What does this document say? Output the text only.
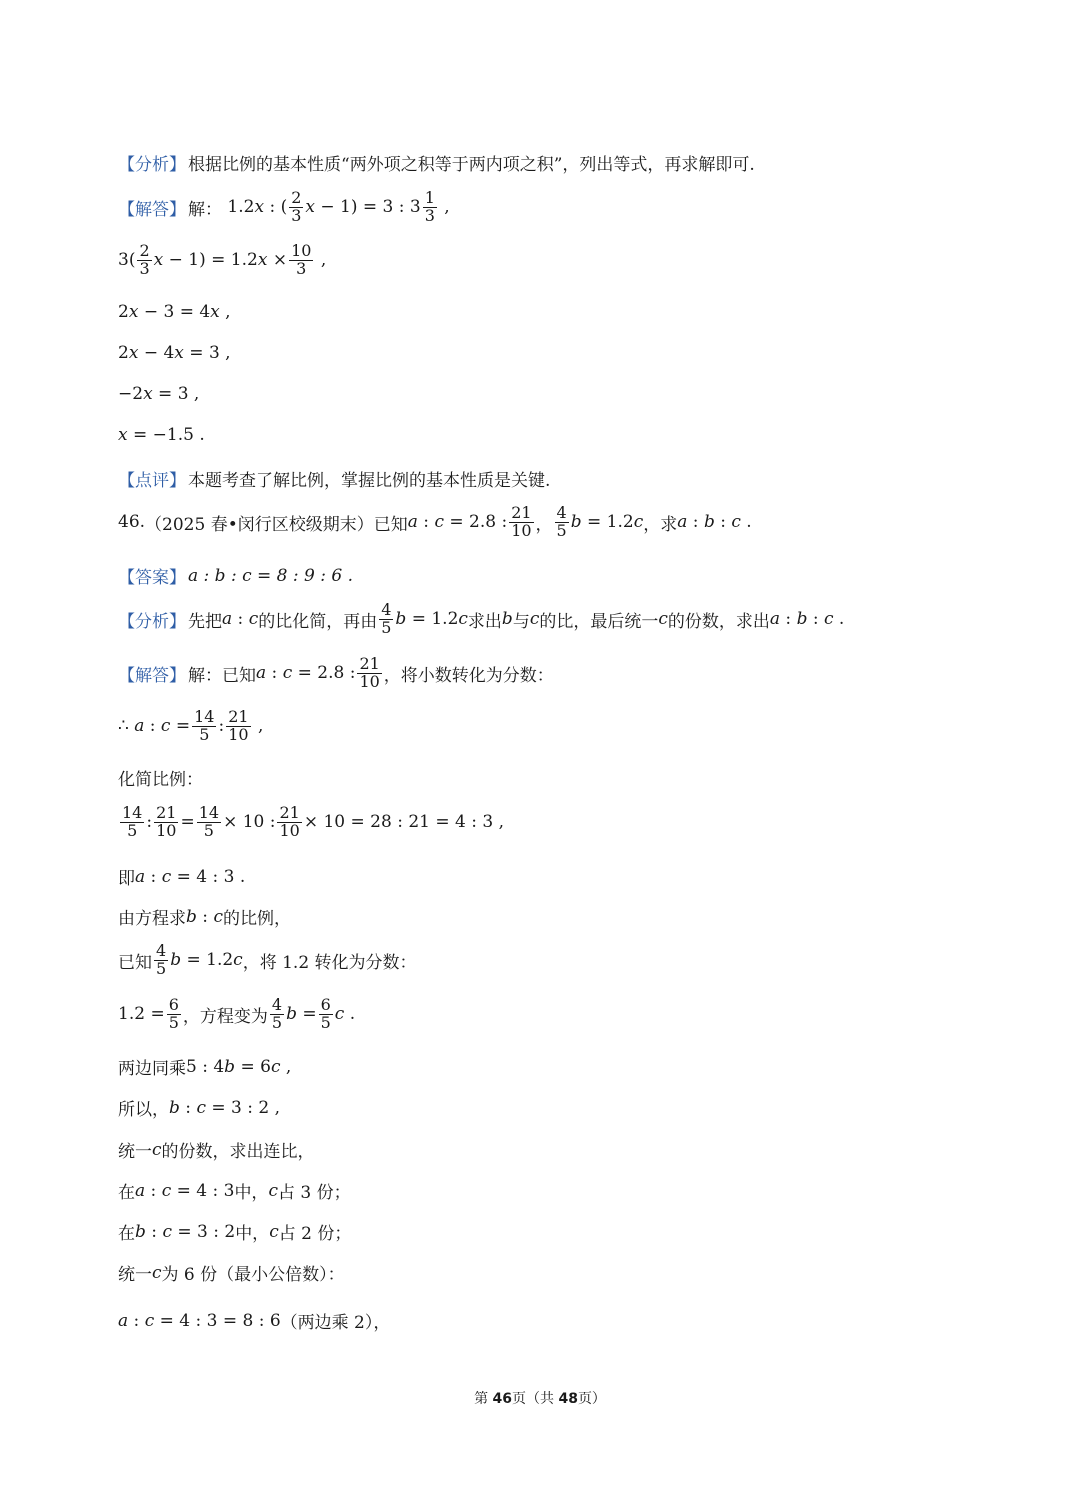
【分析】 根据比例的基本性质“两外项之积等于两内项之积”，列出等式，再求解即可.
【解答】 解： 1.2x : ( $\frac{2}{3}$ x − 1) = 3 : $3 \frac{1}{3}$ ,
$3( \frac{2}{3}$ $x - 1) = 1.2x \times \frac{10}{3}$ ,
2x − 3 = 4x ,
2x − 4x = 3 ,
−2x = 3 ,
x = −1.5 .
【点评】 本题考查了解比例，掌握比例的基本性质是关键.
46. （2025 春•闵行区校级期末）已知 a : c = 2.8 : $\frac{21}{10}$ ， $\frac{4}{5}$ b = 1.2c ，求 a : b : c .
【答案】 a : b : c = 8 : 9 : 6 .
【分析】 先把 a : c 的比化简，再由 $\frac{4}{5}$ b = 1.2c 求出 b 与 c 的比，最后统一 c 的份数，求出 a : b : c .
【解答】 解：已知 a : c = 2.8 : $\frac{21}{10}$ ，将小数转化为分数：
∴ a : $c = \frac{14}{5}$ : $\frac{21}{10}$ ,
化简比例：
$\frac{14}{5}$ : $\frac{21}{10} = \frac{14}{5} \times 10$ : $\frac{21}{10} \times 10 = 28$ : 21 = 4 : 3 ,
即 a : c = 4 : 3 .
由方程求 b : c 的比例，
已知 $\frac{4}{5}$ b = 1.2c ，将 1.2 转化为分数：
$1.2 = \frac{6}{5}$ ，方程变为 $\frac{4}{5}$ $b = \frac{6}{5}$ c .
两边同乘 5 : 4b = 6c ,
所以， b : c = 3 : 2 ,
统一 c 的份数，求出连比，
在 a : c = 4 : 3 中， c 占 3 份；
在 b : c = 3 : 2 中， c 占 2 份；
统一 c 为 6 份（最小公倍数）：
a : c = 4 : 3 = 8 : 6 （两边乘 2），
第 46页（共 48页）
